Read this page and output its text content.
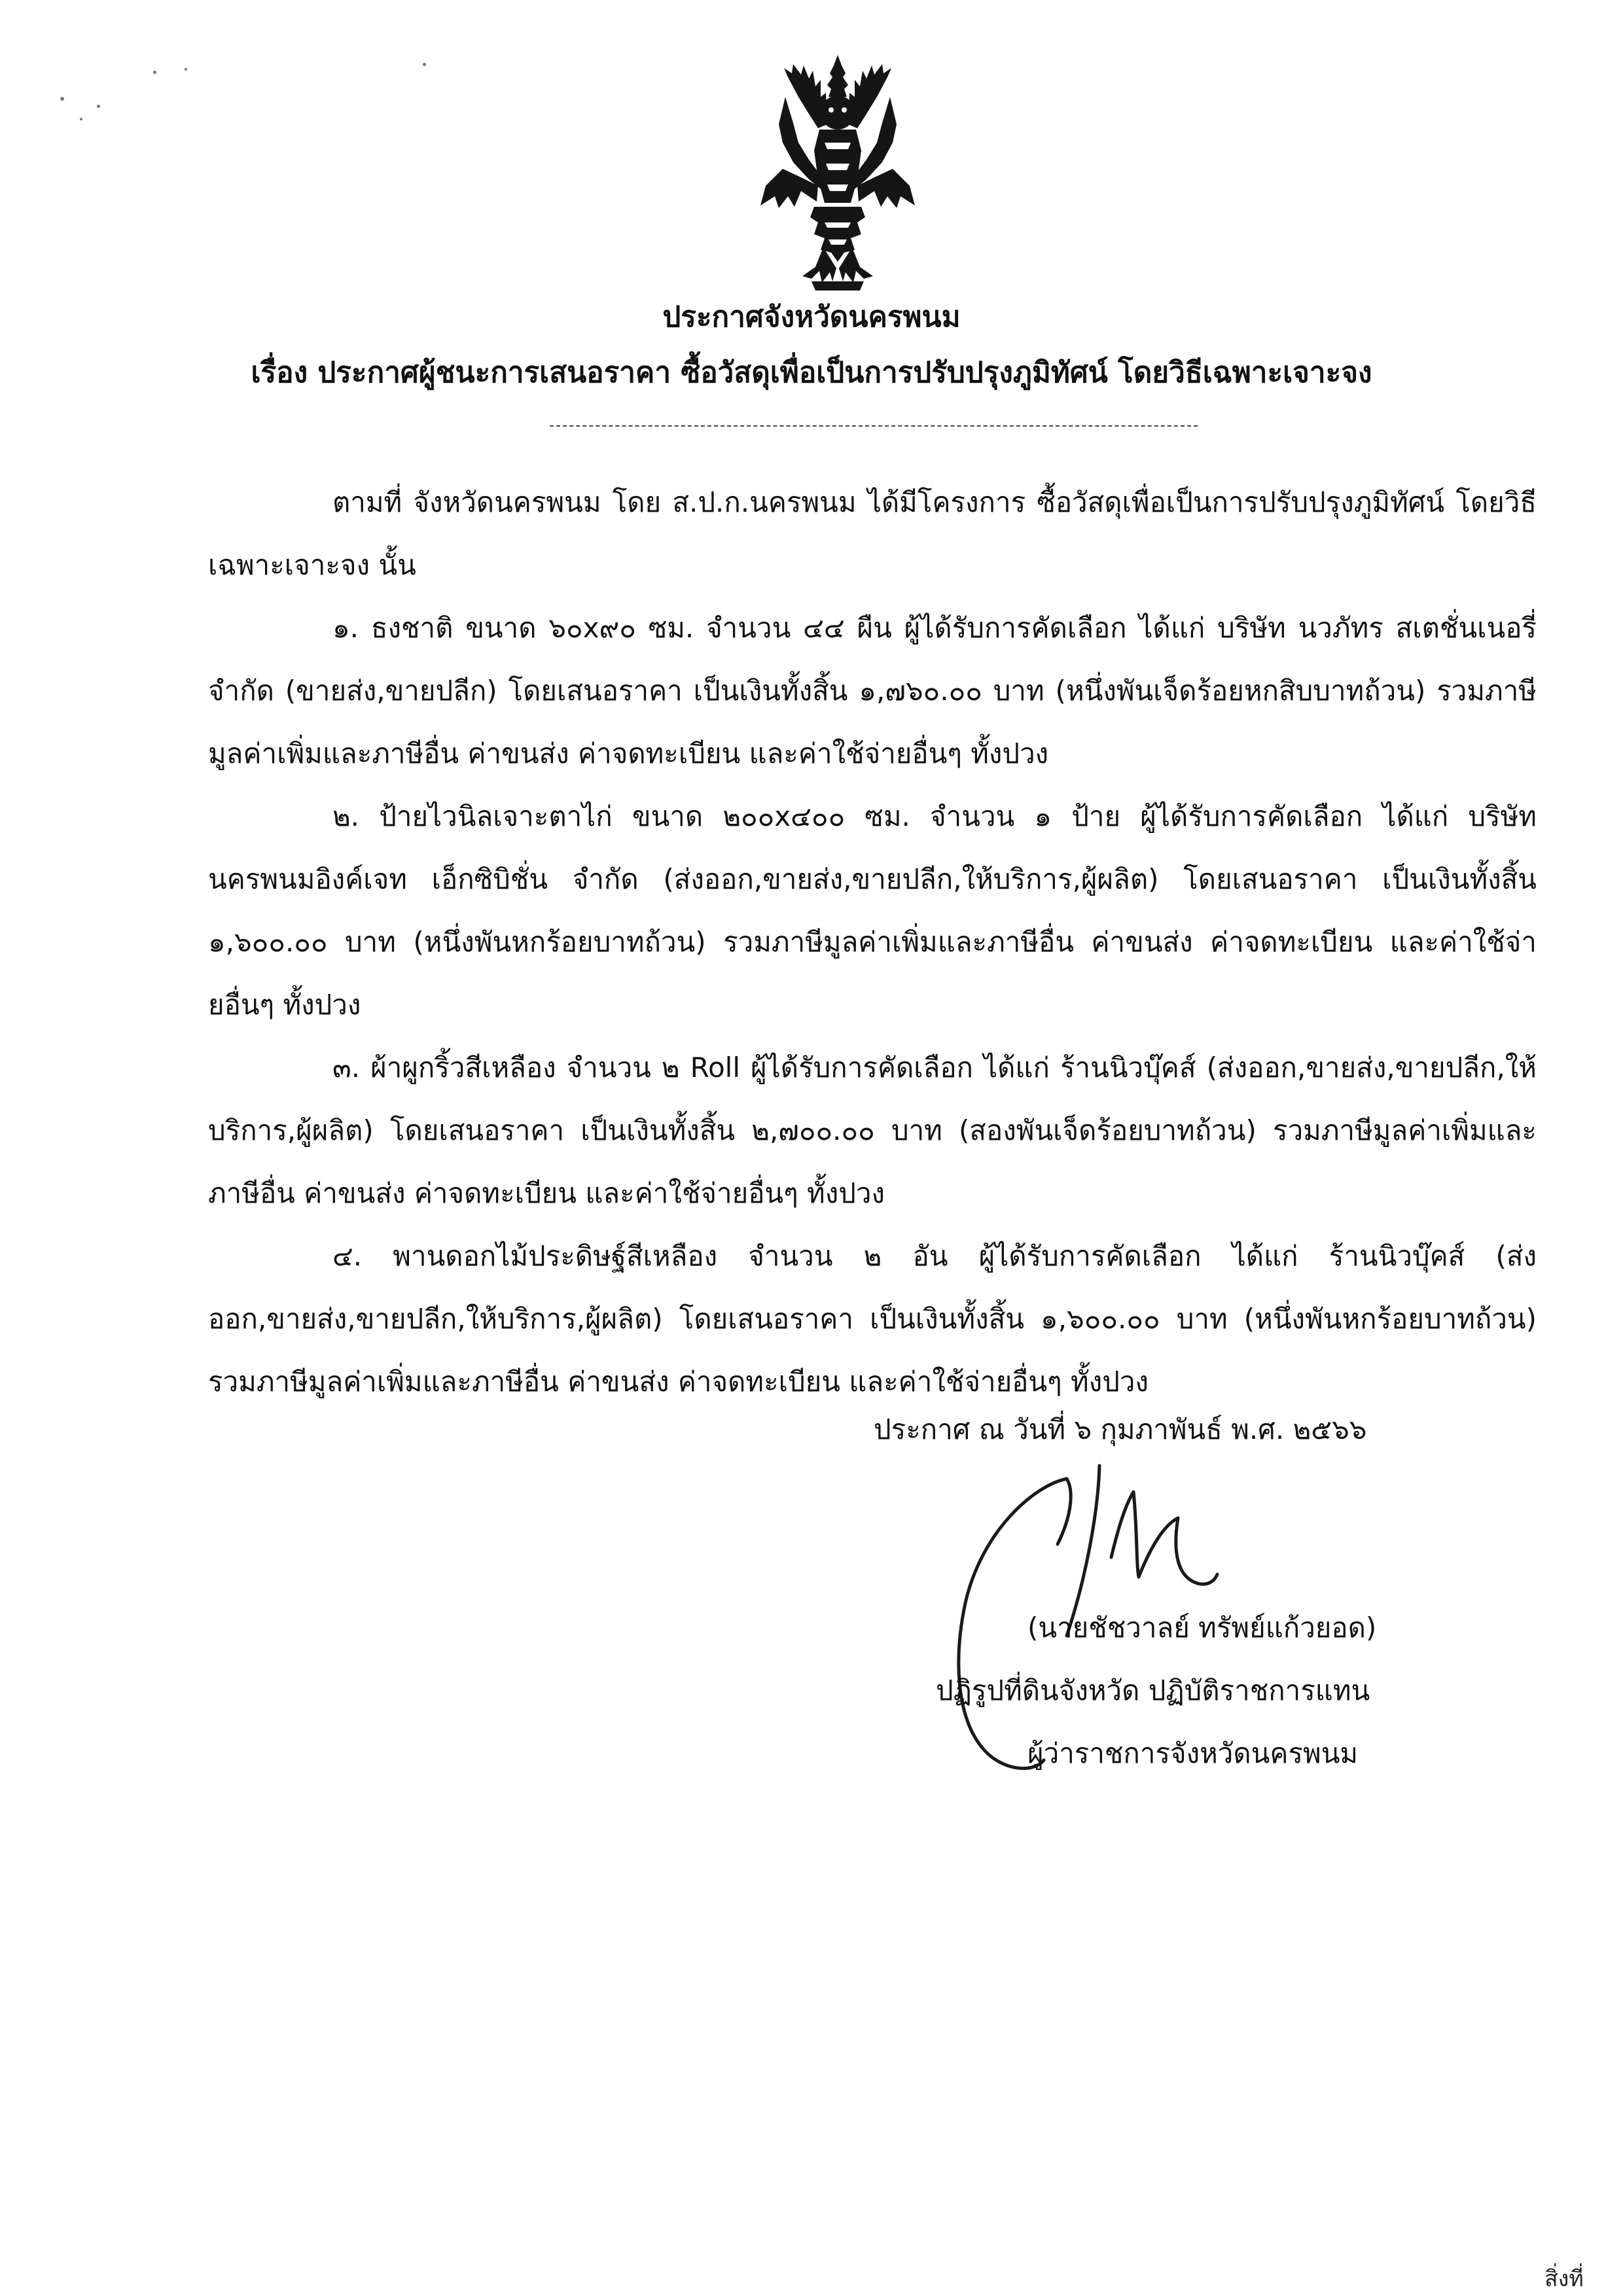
ประกาศจังหวัดนครพนม
เรื่อง ประกาศผู้ชนะการเสนอราคา ซื้อวัสดุเพื่อเป็นการปรับปรุงภูมิทัศน์ โดยวิธีเฉพาะเจาะจง

ตามที่ จังหวัดนครพนม โดย ส.ป.ก.นครพนม ได้มีโครงการ ซื้อวัสดุเพื่อเป็นการปรับปรุงภูมิทัศน์ โดยวิธีเฉพาะเจาะจง นั้น

๑. ธงชาติ ขนาด ๖๐x๙๐ ซม. จำนวน ๔๔ ผืน ผู้ได้รับการคัดเลือก ได้แก่ บริษัท นวภัทร สเตชั่นเนอรี่ จำกัด (ขายส่ง,ขายปลีก) โดยเสนอราคา เป็นเงินทั้งสิ้น ๑,๗๖๐.๐๐ บาท (หนึ่งพันเจ็ดร้อยหกสิบบาทถ้วน) รวมภาษีมูลค่าเพิ่มและภาษีอื่น ค่าขนส่ง ค่าจดทะเบียน และค่าใช้จ่ายอื่นๆ ทั้งปวง

๒. ป้ายไวนิลเจาะตาไก่ ขนาด ๒๐๐x๔๐๐ ซม. จำนวน ๑ ป้าย ผู้ได้รับการคัดเลือก ได้แก่ บริษัท นครพนมอิงค์เจท เอ็กซิบิชั่น จำกัด (ส่งออก,ขายส่ง,ขายปลีก,ให้บริการ,ผู้ผลิต) โดยเสนอราคา เป็นเงินทั้งสิ้น ๑,๖๐๐.๐๐ บาท (หนึ่งพันหกร้อยบาทถ้วน) รวมภาษีมูลค่าเพิ่มและภาษีอื่น ค่าขนส่ง ค่าจดทะเบียน และค่าใช้จ่ายอื่นๆ ทั้งปวง

๓. ผ้าผูกริ้วสีเหลือง จำนวน ๒ Roll ผู้ได้รับการคัดเลือก ได้แก่ ร้านนิวบุ๊คส์ (ส่งออก,ขายส่ง,ขายปลีก,ให้บริการ,ผู้ผลิต) โดยเสนอราคา เป็นเงินทั้งสิ้น ๒,๗๐๐.๐๐ บาท (สองพันเจ็ดร้อยบาทถ้วน) รวมภาษีมูลค่าเพิ่มและภาษีอื่น ค่าขนส่ง ค่าจดทะเบียน และค่าใช้จ่ายอื่นๆ ทั้งปวง

๔. พานดอกไม้ประดิษฐ์สีเหลือง จำนวน ๒ อัน ผู้ได้รับการคัดเลือก ได้แก่ ร้านนิวบุ๊คส์ (ส่งออก,ขายส่ง,ขายปลีก,ให้บริการ,ผู้ผลิต) โดยเสนอราคา เป็นเงินทั้งสิ้น ๑,๖๐๐.๐๐ บาท (หนึ่งพันหกร้อยบาทถ้วน) รวมภาษีมูลค่าเพิ่มและภาษีอื่น ค่าขนส่ง ค่าจดทะเบียน และค่าใช้จ่ายอื่นๆ ทั้งปวง

ประกาศ ณ วันที่ ๖ กุมภาพันธ์ พ.ศ. ๒๕๖๖
(นายชัชวาลย์ ทรัพย์แก้วยอด)
ปฏิรูปที่ดินจังหวัด ปฏิบัติราชการแทน
ผู้ว่าราชการจังหวัดนครพนม
สิ่งที่
